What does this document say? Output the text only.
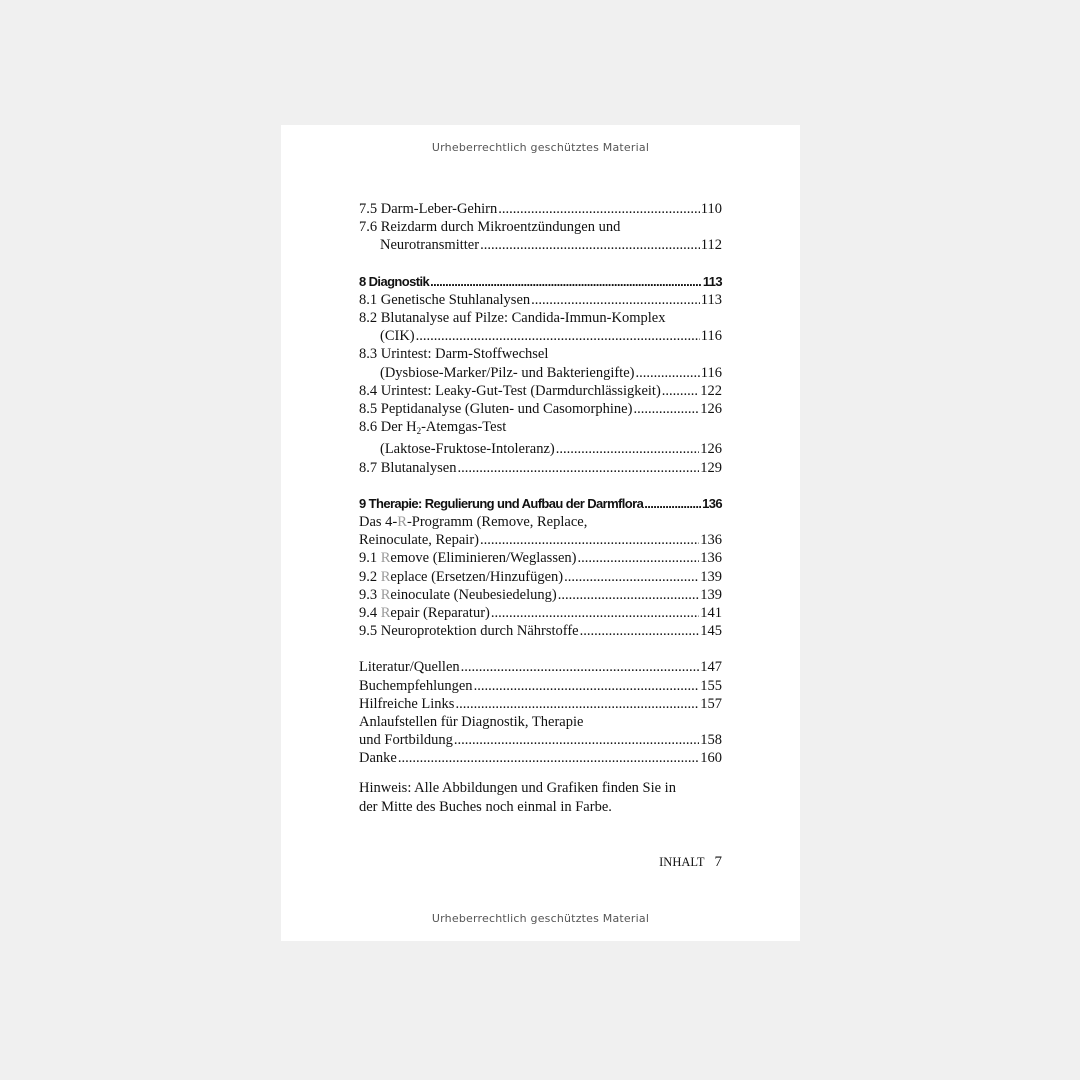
Urheberrechtlich geschütztes Material
7.5 Darm-Leber-Gehirn .....	110
7.6 Reizdarm durch Mikroentzündungen und
Neurotransmitter .....	112
8 Diagnostik .....	113
8.1 Genetische Stuhlanalysen .....	113
8.2 Blutanalyse auf Pilze: Candida-Immun-Komplex
(CIK) .....	116
8.3 Urintest: Darm-Stoffwechsel
(Dysbiose-Marker/Pilz- und Bakteriengifte) .....	116
8.4 Urintest: Leaky-Gut-Test (Darmdurchlässigkeit) .....	122
8.5 Peptidanalyse (Gluten- und Casomorphine) .....	126
8.6 Der $H_2-Atemgas$-Test
(Laktose-Fruktose-Intoleranz) .....	126
8.7 Blutanalysen .....	129
9 Therapie: Regulierung und Aufbau der Darmflora .....	136
Das 4-R-Programm (Remove, Replace,
Reinoculate, Repair) .....	136
9.1 Remove (Eliminieren/Weglassen) .....	136
9.2 Replace (Ersetzen/Hinzufügen) .....	139
9.3 Reinoculate (Neubesiedelung) .....	139
9.4 Repair (Reparatur) .....	141
9.5 Neuroprotektion durch Nährstoffe .....	145
Literatur/Quellen .....	147
Buchempfehlungen .....	155
Hilfreiche Links .....	157
Anlaufstellen für Diagnostik, Therapie
und Fortbildung .....	158
Danke .....	160
Hinweis: Alle Abbildungen und Grafiken finden Sie in
der Mitte des Buches noch einmal in Farbe.
INHALT 7
Urheberrechtlich geschütztes Material
